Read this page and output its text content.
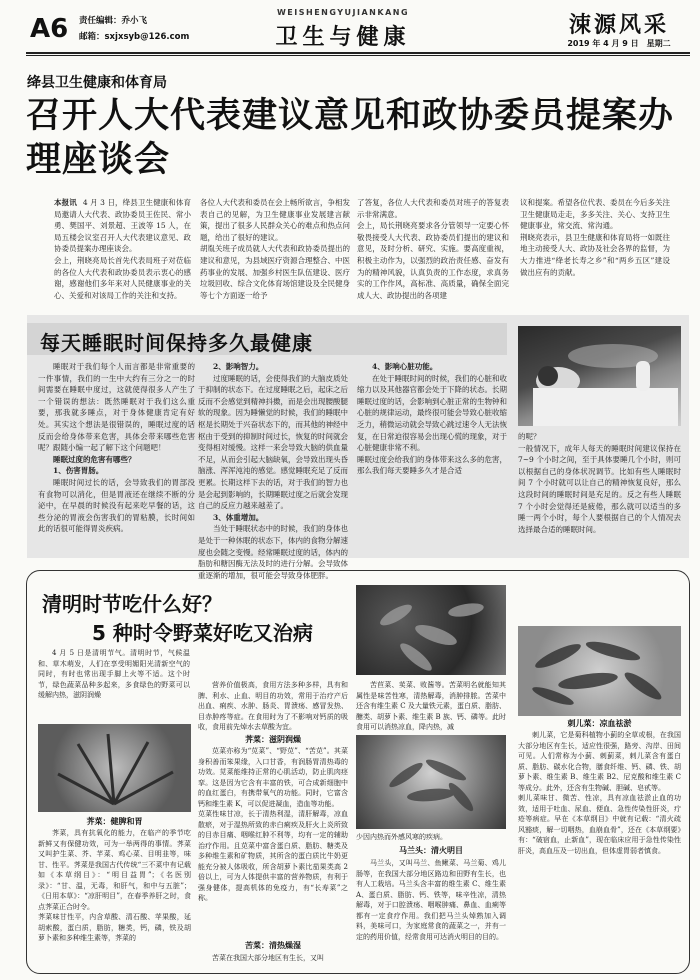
A6 责任编辑：乔小飞
邮箱：sxjxsyb@126.com
WEISHENGYUJIANKANG
卫生与健康	涑源风采
2019 年 4 月 9 日　星期二
绛县卫生健康和体育局
召开人大代表建议意见和政协委员提案办理座谈会
本报讯 4 月 3 日，绛县卫生健康和体育局邀请人大代表、政协委员王佐民、常小勇、樊国平、刘景超、王波等 15 人，在局五楼会议室召开人大代表建议意见、政协委员提案办理座谈会。
会上，荆晓亮局长首先代表局班子对莅临的各位人大代表和政协委员表示衷心的感谢，感谢他们多年来对人民健康事业的关心、关爱和对该局工作的关注和支持。
各位人大代表和委员在会上畅所欲言，争相发表自己的见解，为卫生健康事业发展建言献策，提出了很多人民群众关心的难点和热点问题，给出了很好的建议。
胡胤关班子成员就人大代表和政协委员提出的建议和意见，为县域医疗资源合理整合、中医药事业的发展、加强乡村医生队伍建设、医疗垃圾回收、综合文化体育场馆建设及全民健身等七个方面逐一给予
了答复，各位人大代表和委员对班子的答复表示非常满意。
会上，局长荆晓亮要求各分管领导一定要心怀敬畏接受人大代表、政协委员们提出的建议和意见，及时分析、研究、实施。要高度重视，积极主动作为，以强烈的政治责任感、奋发有为的精神风貌，认真负责的工作态度，求真务实的工作作风，高标准、高质量，确保全面完成人大、政协提出的各项建
议和提案。希望各位代表、委员在今后多关注卫生健康局走走，多多关注、关心、支持卫生健康事业，常交流、常沟通。
荆晓亮表示，县卫生健康和体育局将一如既往地主动接受人大、政协及社会各界的监督，为大力推进“绛老长寿之乡”和“两乡五区”建设做出应有的贡献。
每天睡眠时间保持多久最健康

睡眠对于我们每个人而言都是非常重要的一件事情，我们的一生中大约有三分之一的时间需要在睡眠中度过，这就使得很多人产生了一个错误的想法：既然睡眠对于我们这么重要，那我就多睡点，对于身体健康肯定有好处。其实这个想法是很错误的，睡眠过度的话反而会给身体带来危害，具体会带来哪些危害呢？跟随小编一起了解下这个问题吧！

睡眠过度的危害有哪些？

1、伤害胃肠。

睡眠时间过长的话，会导致我们的胃部没有食物可以消化，但是胃液还在继续不断的分泌中，在早晨的时候没有起来吃早餐的话，这些分泌的胃液会伤害我们的胃粘膜，长时间如此的话很可能得胃炎疾病。

2、影响智力。

过度睡眠的话，会使得我们的大脑皮质处于抑制的状态下。在过度睡眠之后，起床之后反而不会感觉到精神抖擞，而是会出现腰酸腿软的现象。因为睡懒觉的时候，我们的睡眠中枢是长期处于兴奋状态下的，而其他的神经中枢由于受到的抑制时间过长，恢复的时间就会变得相对缓慢。这样一来会导致大脑的供血量不足，从而会引起大脑缺氧，会导致出现头昏脑涨、浑浑沌沌的感觉。感觉睡眠充足了反而更累。长期这样下去的话，对于我们的智力也是会起到影响的，长期睡眠过度之后就会发现自己的反应力越来越差了。

3、体重增加。

当处于睡眠状态中的时候，我们的身体也是处于一种休眠的状态下，体内的食物分解速度也会随之变慢。经常睡眠过度的话，体内的脂肪和糖因酶无法及时的进行分解。会导致体重逐渐的增加，很可能会导致身体肥胖。

4、影响心脏功能。

在处于睡眠时间的时候，我们的心脏和收缩力以及其他器官都会处于下降的状态。长期睡眠过度的话，会影响到心脏正常的生物钟和心脏的规律运动，最终很可能会导致心脏收缩乏力，稍微运动就会导致心跳过速令人无法恢复，在日常迫很容易会出现心慌的现象，对于心脏健康非常不利。
睡眠过度会给我们的身体带来这么多的危害，那么我们每天要睡多久才是合适

的呢？
一般情况下，成年人每天的睡眠时间建议保持在 7~9 个小时之间，至于具体要睡几个小时，则可以根据自己的身体状况调节。比如有些人睡眠时间 7 个小时就可以让自己的精神恢复良好，那么这段时间的睡眠时间是充足的。反之有些人睡眠 7 个小时会觉得还是疲倦，那么就可以适当的多睡一两个小时，每个人要根据自己的个人情况去选择最合适的睡眠时间。
清明时节吃什么好？
5 种时令野菜好吃又治病
4 月 5 日是清明节气。清明时节，气候温和、草木萌发，人们在享受明媚阳光清新空气的同时，有时也常出现手脚上火等不适。这个时节，绿色蔬菜品种多起来，多食绿色的野菜可以缓解内热，滋阴润燥
荠菜：健脾和胃
荠菜，具有抗氧化的能力，在临产的季节吃新鲜又有保健功效，可为一举两得的事情。荠菜又叫护生菜、芥、芊菜、鸡心菜、目明韭等，味甘、性平。荠菜是我国古代传统“三不菜中有记载如《本草纲目》：“明目益胃”；《名医别录》：“甘、温，无毒，和肝气，和中与五脏”；《日用本草》：“凉肝明目”，在春季养肝之时，食点荠菜正合时令。
荠菜味甘性平，内含草酸、清石酸、苹果酸，延胡索酸，蛋白质，脂肪，糖类，钙，磷，铁及胡萝卜素和多种维生素等，荠菜的
营养价值极高，食用方法多种多样，具有和脾、利水、止血、明目的功效，常用于治疗产后出血、痢疾、水肿、肠炎、胃溃疡、感冒发热、目赤肿疼等症。在食用时为了不影响对钙质的吸收，食用前先焯水去草酸为宜。
荠菜：滋阴润燥
苋菜亦称为“苋菜”、“野苋”、“苦苋”。其菜身积善而笨果缘，入口甘香，有润肠胃清热毒的功效。苋菜能维持正常的心肌活动，防止肌肉痉挛。这是因为它含有丰富的铁，可合成新细胞中的血红蛋白，有携带氧气的功能。同时，它富含钙和维生素 K，可以促进凝血，造血等功能。
苋菜性味甘凉，长于清热利湿，清肝解毒，凉血散瘀，对于湿热所致的赤白痢疾及肝火上炎所致的目赤目痛、咽喉红肿不利等，均有一定的辅助治疗作用。且苋菜中富含蛋白质、脂肪、糖类及多种维生素和矿物质，其所含的蛋白质比牛奶更能充分被人体吸收，所含胡萝卜素比茄果类高 2 倍以上，可为人体提供丰富的营养物质，有利于强身健体，提高机体的免疫力，有“长寿菜”之称。
苦菜：清热燥湿
苦菜在我国大部分地区有生长，又叫
苦苣菜、荬菜、败酱等。苦菜明名就能知其属性是味苦性寒，清热解毒，消肿排脓。苦菜中还含有维生素 C 及大量铁元素，蛋白质、脂肪、醣类、胡萝卜素、维生素 B 族、钙、磷等。此时食用可以消热凉血，降内热，减
少因内热而外感风寒的疾病。
马兰头：清火明目
马兰头，又叫马兰、鱼鳅菜、马兰菊、鸡儿肠等，在我国大部分地区路边和田野有生长，也有人工栽培。马兰头含丰富的维生素 C、维生素 A、蛋白质、脂肪、钙、铁等，味辛性凉，清热解毒，对于口腔溃疡、咽喉肿痛、鼻血、血痢等都有一定食疗作用。我们把马兰头焯熟加入调料，美味可口，为家庭常食的蔬菜之一，并有一定的药用价值，经常食用可达消火明目的目的。
刺儿菜：凉血祛淤
刺儿菜，它是菊科植物小蓟的全草或根，在我国大部分地区有生长，适应性很强，路旁、沟岸、田间可见。人们常称为小蓟、刺蓟菜，刺儿菜含有蛋白质、脂肪、碳水化合物，膳食纤维、钙、磷、铁、胡萝卜素、维生素 B、维生素 B2、尼克酸和维生素 C 等成分。此外，还含有生物碱、胆碱、皂甙等。
刺儿菜味甘、微苦、性凉，具有凉血祛淤止血的功效，适用于吐血、尿血、便血、急性传染性肝炎，疔疮等病症。早在《本草纲目》中就有记载：“清火疏风豁痰，解一切咽热，血崩血骨”，还在《本草纲要》有：“破宿血，止新血”，现在临床应用于急性传染性肝炎，高血压及一切出血，但体虚胃弱者慎食。
